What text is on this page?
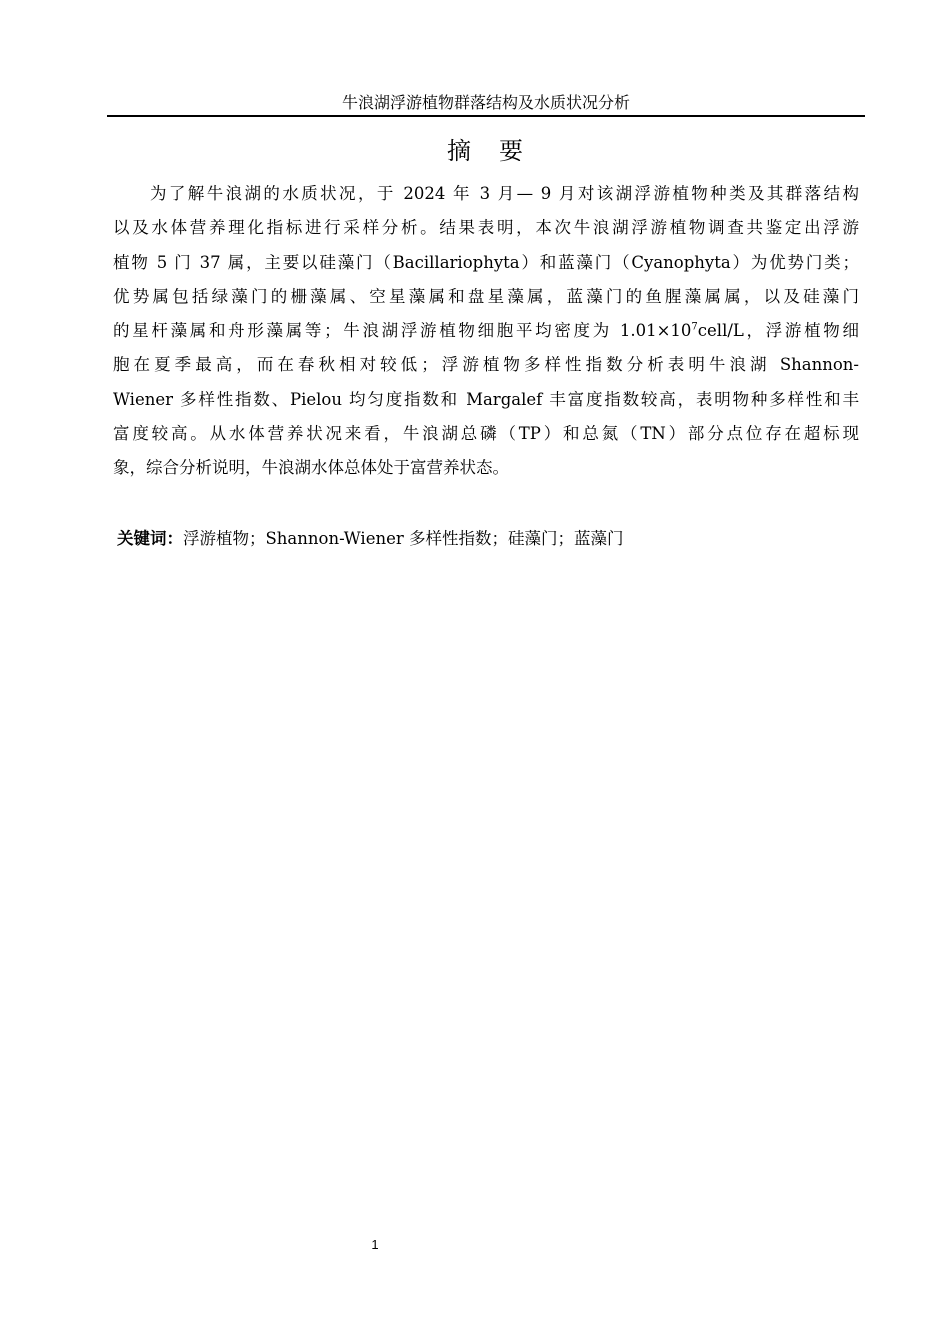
牛浪湖浮游植物群落结构及水质状况分析
摘　要
为了解牛浪湖的水质状况，于 2024 年 3 月— 9 月对该湖浮游植物种类及其群落结构
以及水体营养理化指标进行采样分析。结果表明，本次牛浪湖浮游植物调查共鉴定出浮游
植物 5 门 37 属，主要以硅藻门（Bacillariophyta）和蓝藻门（Cyanophyta）为优势门类；
优势属包括绿藻门的栅藻属、空星藻属和盘星藻属，蓝藻门的鱼腥藻属属，以及硅藻门
的星杆藻属和舟形藻属等；牛浪湖浮游植物细胞平均密度为 $1.01\times 10^7cell/L$，浮游植物细
胞在夏季最高，而在春秋相对较低；浮游植物多样性指数分析表明牛浪湖 Shannon-
Wiener 多样性指数、Pielou 均匀度指数和 Margalef 丰富度指数较高，表明物种多样性和丰
富度较高。从水体营养状况来看，牛浪湖总磷（TP）和总氮（TN）部分点位存在超标现
象，综合分析说明，牛浪湖水体总体处于富营养状态。
关键词：浮游植物；Shannon-Wiener 多样性指数；硅藻门；蓝藻门
1
